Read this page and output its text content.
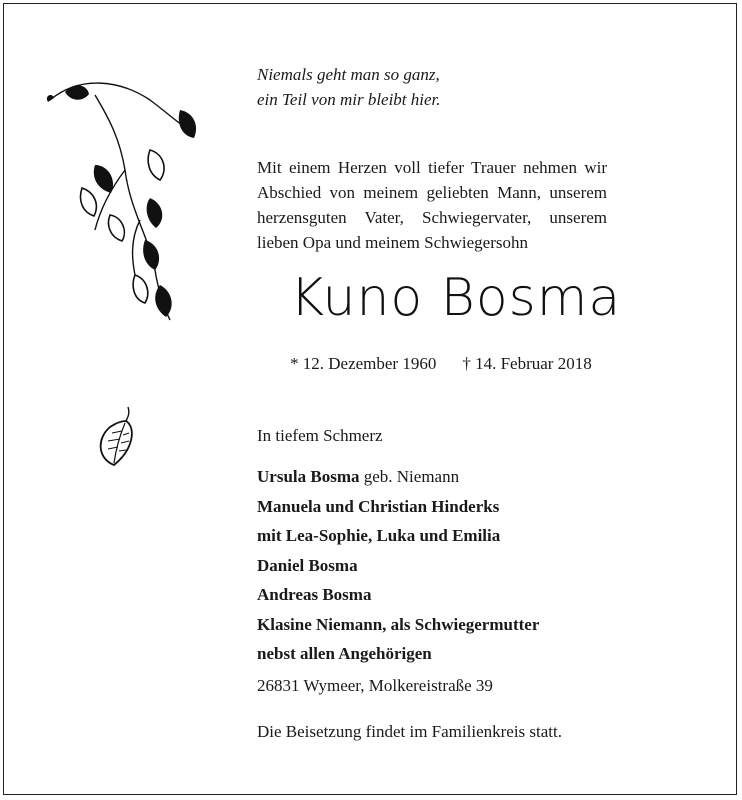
Niemals geht man so ganz,
ein Teil von mir bleibt hier.
Mit einem Herzen voll tiefer Trauer nehmen wir Abschied von meinem geliebten Mann, unserem herzensguten Vater, Schwiegervater, unserem lieben Opa und meinem Schwiegersohn
Kuno Bosma
* 12. Dezember 1960 † 14. Februar 2018
In tiefem Schmerz
Ursula Bosma geb. Niemann
Manuela und Christian Hinderks
mit Lea-Sophie, Luka und Emilia
Daniel Bosma
Andreas Bosma
Klasine Niemann, als Schwiegermutter
nebst allen Angehörigen
26831 Wymeer, Molkereistraße 39
Die Beisetzung findet im Familienkreis statt.
